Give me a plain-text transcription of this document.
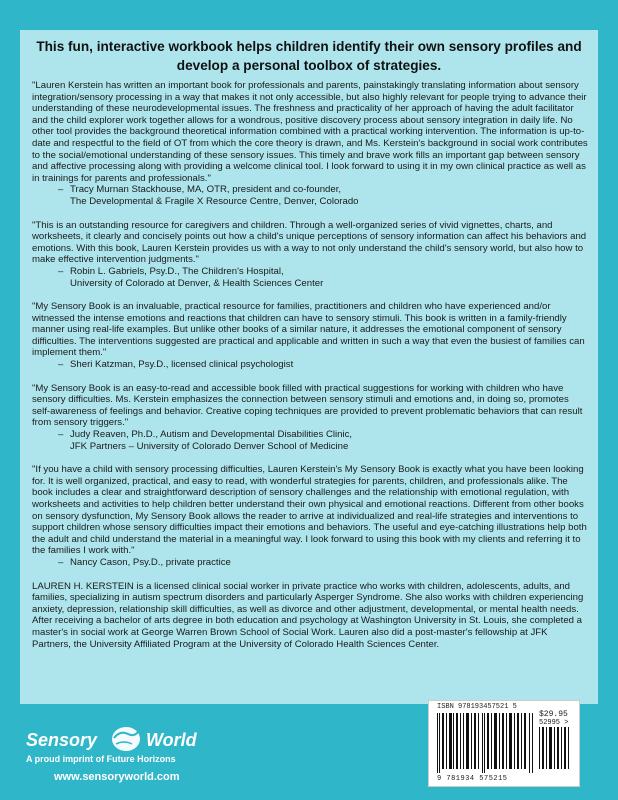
This fun, interactive workbook helps children identify their own sensory profiles and develop a personal toolbox of strategies.

"Lauren Kerstein has written an important book for professionals and parents, painstakingly translating information about sensory integration/sensory processing in a way that makes it not only accessible, but also highly relevant for people trying to advance their understanding of these neurodevelopmental issues. The freshness and practicality of her approach of having the adult facilitator and the child explorer work together allows for a wondrous, positive discovery process about sensory integration in daily life. No other tool provides the background theoretical information combined with a practical working intervention. The information is up-to-date and respectful to the field of OT from which the core theory is drawn, and Ms. Kerstein's background in social work contributes to the social/emotional understanding of these sensory issues. This timely and brave work fills an important gap between sensory and affective processing along with providing a welcome clinical tool. I look forward to using it in my own clinical practice as well as in trainings for parents and professionals."

– Tracy Murnan Stackhouse, MA, OTR, president and co-founder,
The Developmental & Fragile X Resource Centre, Denver, Colorado

"This is an outstanding resource for caregivers and children. Through a well-organized series of vivid vignettes, charts, and worksheets, it clearly and concisely points out how a child's unique perceptions of sensory information can affect his behaviors and emotions. With this book, Lauren Kerstein provides us with a way to not only understand the child's sensory world, but also how to make effective intervention judgments."

– Robin L. Gabriels, Psy.D., The Children's Hospital,
University of Colorado at Denver, & Health Sciences Center

"My Sensory Book is an invaluable, practical resource for families, practitioners and children who have experienced and/or witnessed the intense emotions and reactions that children can have to sensory stimuli. This book is written in a family-friendly manner using real-life examples. But unlike other books of a similar nature, it addresses the emotional component of sensory difficulties. The interventions suggested are practical and applicable and written in such a way that even the busiest of families can implement them."

– Sheri Katzman, Psy.D., licensed clinical psychologist

"My Sensory Book is an easy-to-read and accessible book filled with practical suggestions for working with children who have sensory difficulties. Ms. Kerstein emphasizes the connection between sensory stimuli and emotions and, in doing so, promotes self-awareness of feelings and behavior. Creative coping techniques are provided to prevent problematic behaviors that can result from sensory triggers."

– Judy Reaven, Ph.D., Autism and Developmental Disabilities Clinic,
JFK Partners – University of Colorado Denver School of Medicine

"If you have a child with sensory processing difficulties, Lauren Kerstein's My Sensory Book is exactly what you have been looking for. It is well organized, practical, and easy to read, with wonderful strategies for parents, children, and professionals alike. The book includes a clear and straightforward description of sensory challenges and the relationship with emotional regulation, with worksheets and activities to help children better understand their own physical and emotional reactions. Different from other books on sensory dysfunction, My Sensory Book allows the reader to arrive at individualized and real-life strategies and interventions to support children whose sensory difficulties impact their emotions and behaviors. The useful and eye-catching illustrations help both the adult and child understand the material in a meaningful way. I look forward to using this book with my clients and referring it to the families I work with."

– Nancy Cason, Psy.D., private practice

LAUREN H. KERSTEIN is a licensed clinical social worker in private practice who works with children, adolescents, adults, and families, specializing in autism spectrum disorders and particularly Asperger Syndrome. She also works with children experiencing anxiety, depression, relationship skill difficulties, as well as divorce and other adjustment, developmental, or mental health needs. After receiving a bachelor of arts degree in both education and psychology at Washington University in St. Louis, she completed a master's in social work at George Warren Brown School of Social Work. Lauren also did a post-master's fellowship at JFK Partners, the University Affiliated Program at the University of Colorado Health Sciences Center.

Sensory	World
A proud imprint of Future Horizons
www.sensoryworld.com
ISBN 978193457521 5
$29.95
52995 >
9 781934 575215
